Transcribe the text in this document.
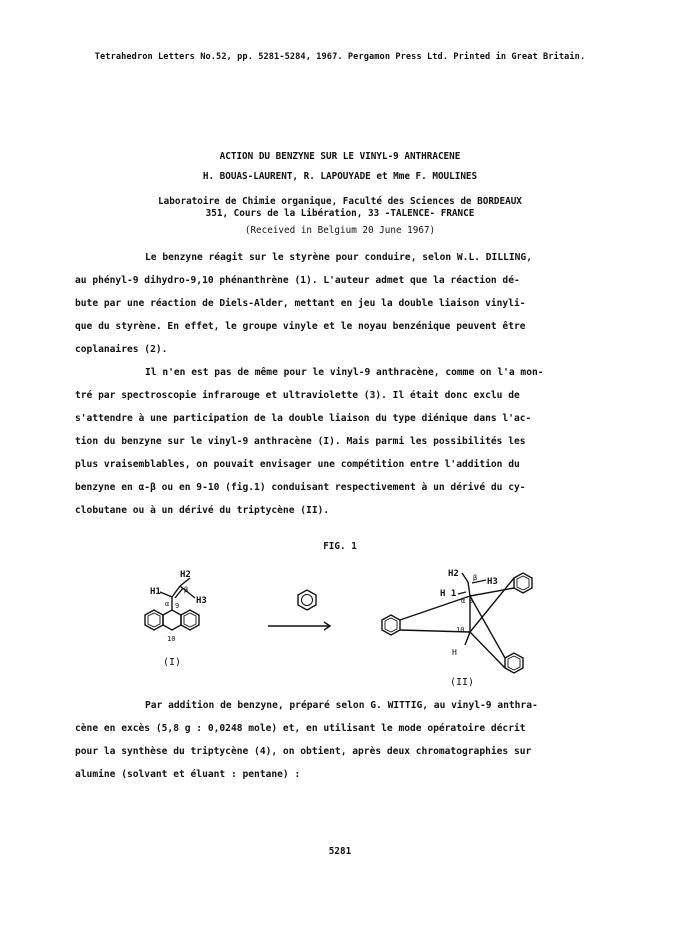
Tetrahedron Letters No.52, pp. 5281-5284, 1967. Pergamon Press Ltd. Printed in Great Britain.
ACTION DU BENZYNE SUR LE VINYL-9 ANTHRACENE
H. BOUAS-LAURENT, R. LAPOUYADE et Mme F. MOULINES
Laboratoire de Chimie organique, Faculté des Sciences de BORDEAUX
351, Cours de la Libération, 33 -TALENCE- FRANCE
(Received in Belgium 20 June 1967)
Le benzyne réagit sur le styrène pour conduire, selon W.L. DILLING,
au phényl-9 dihydro-9,10 phénanthrène (1). L'auteur admet que la réaction dé-
bute par une réaction de Diels-Alder, mettant en jeu la double liaison vinyli-
que du styrène. En effet, le groupe vinyle et le noyau benzénique peuvent être
coplanaires (2).
Il n'en est pas de même pour le vinyl-9 anthracène, comme on l'a mon-
tré par spectroscopie infrarouge et ultraviolette (3). Il était donc exclu de
s'attendre à une participation de la double liaison du type diénique dans l'ac-
tion du benzyne sur le vinyl-9 anthracène (I). Mais parmi les possibilités les
plus vraisemblables, on pouvait envisager une compétition entre l'addition du
benzyne en α-β ou en 9-10 (fig.1) conduisant respectivement à un dérivé du cy-
clobutane ou à un dérivé du triptycène (II).
FIG. 1
H2
H1
H3
β
α 9
10
(I)
H2
H3
H 1
β
α 9
10
H
(II)
Par addition de benzyne, préparé selon G. WITTIG, au vinyl-9 anthra-
cène en excès (5,8 g : 0,0248 mole) et, en utilisant le mode opératoire décrit
pour la synthèse du triptycène (4), on obtient, après deux chromatographies sur
alumine (solvant et éluant : pentane) :
5281
